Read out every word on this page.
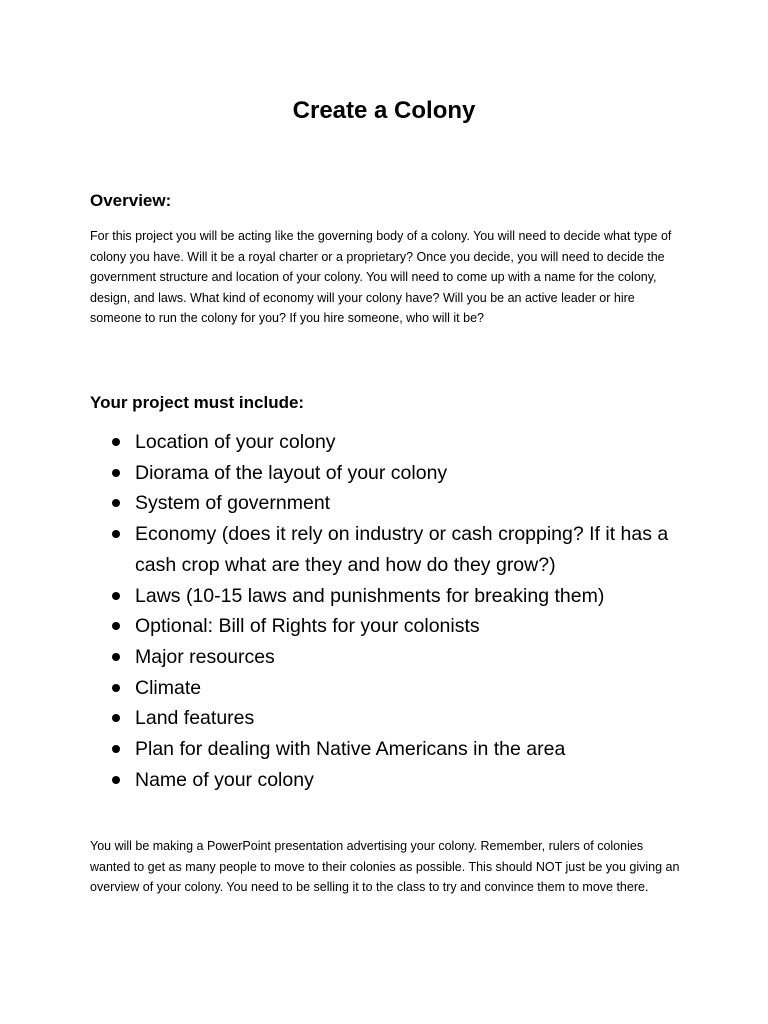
Create a Colony
Overview:
For this project you will be acting like the governing body of a colony. You will need to decide what type of colony you have. Will it be a royal charter or a proprietary? Once you decide, you will need to decide the government structure and location of your colony. You will need to come up with a name for the colony, design, and laws. What kind of economy will your colony have? Will you be an active leader or hire someone to run the colony for you? If you hire someone, who will it be?
Your project must include:
Location of your colony
Diorama of the layout of your colony
System of government
Economy (does it rely on industry or cash cropping? If it has a cash crop what are they and how do they grow?)
Laws (10-15 laws and punishments for breaking them)
Optional: Bill of Rights for your colonists
Major resources
Climate
Land features
Plan for dealing with Native Americans in the area
Name of your colony
You will be making a PowerPoint presentation advertising your colony. Remember, rulers of colonies wanted to get as many people to move to their colonies as possible. This should NOT just be you giving an overview of your colony. You need to be selling it to the class to try and convince them to move there.
